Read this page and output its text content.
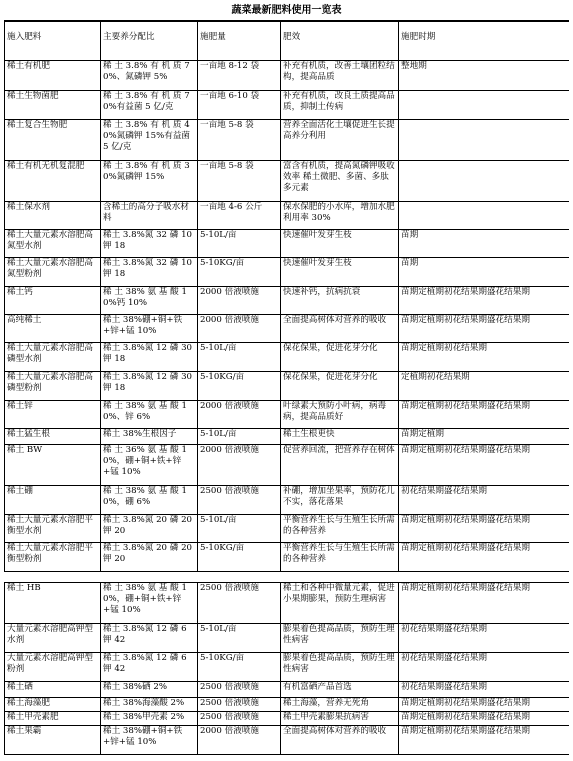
蔬菜最新肥料使用一览表
施入肥料	主要养分配比	施肥量	肥效	施肥时期
稀土有机肥	稀 土 3.8% 有 机 质 70%、氮磷钾 5%	一亩地 8-12 袋	补充有机质，改善土壤团粒结构，提高品质	整地期
稀土生物菌肥	稀 土 3.8% 有 机 质 70%有益菌 5 亿/克	一亩地 6-10 袋	补充有机质，改良土质提高品质，抑制土传病	
稀土复合生物肥	稀 土 3.8% 有 机 质 40%氮磷钾 15%有益菌 5 亿/克	一亩地 5-8 袋	营养全面活化土壤促进生长提高养分利用	
稀土有机无机复混肥	稀 土 3.8% 有 机 质 30%氮磷钾 15%	一亩地 5-8 袋	富含有机质，提高氮磷钾吸收效率 稀土微肥、多菌、多肽多元素	
稀土保水剂	含稀土的高分子吸水材料	一亩地 4-6 公斤	保水保肥的小水库，增加水肥利用率 30%	
稀土大量元素水溶肥高氮型水剂	稀土 3.8%氮 32 磷 10 钾 18	5-10L/亩	快速催叶发芽生枝	苗期
稀土大量元素水溶肥高氮型粉剂	稀土 3.8%氮 32 磷 10 钾 18	5-10KG/亩	快速催叶发芽生枝	苗期
稀土钙	稀 土 38% 氨 基 酸 10%钙 10%	2000 倍液喷施	快速补钙，抗病抗衰	苗期定植期初花结果期盛花结果期
高纯稀土	稀土 38%硼+铜+铁+锌+锰 10%	2000 倍液喷施	全面提高树体对营养的吸收	苗期定植期初花结果期盛花结果期
稀土大量元素水溶肥高磷型水剂	稀土 3.8%氮 12 磷 30 钾 18	5-10L/亩	保花保果，促进花芽分化	苗期定植期初花结果期
稀土大量元素水溶肥高磷型粉剂	稀土 3.8%氮 12 磷 30 钾 18	5-10KG/亩	保花保果，促进花芽分化	定植期初花结果期
稀土锌	稀 土 38% 氨 基 酸 10%、锌 6%	2000 倍液喷施	叶绿素大预防小叶病，病毒病，提高品质好	苗期定植期初花结果期盛花结果期
稀土猛生根	稀土 38%生根因子	5-10L/亩	稀土生根更快	苗期定植期
稀土 BW	稀 土 36% 氨 基 酸 10%，硼+铜+铁+锌+锰 10%	2000 倍液喷施	促营养回流，把营养存在树体	苗期定植期初花结果期盛花结果期
稀土硼	稀 土 38% 氨 基 酸 10%，硼 6%	2500 倍液喷施	补硼，增加坐果率，预防花儿不实，落花落果	初花结果期盛花结果期
稀土大量元素水溶肥平衡型水剂	稀土 3.8%氮 20 磷 20 钾 20	5-10L/亩	平衡营养生长与生殖生长所需的各种营养	苗期定植期初花结果期盛花结果期
稀土大量元素水溶肥平衡型粉剂	稀土 3.8%氮 20 磷 20 钾 20	5-10KG/亩	平衡营养生长与生殖生长所需的各种营养	苗期定植期初花结果期盛花结果期
稀土 HB	稀 土 38% 氨 基 酸 10%，硼+铜+铁+锌+锰 10%	2500 倍液喷施	稀土和各种中微量元素，促进小果期膨果，预防生理病害	苗期定植期初花结果期盛花结果期
大量元素水溶肥高钾型水剂	稀土 3.8%氮 12 磷 6 钾 42	5-10L/亩	膨果着色提高品质，预防生理性病害	初花结果期盛花结果期
大量元素水溶肥高钾型粉剂	稀土 3.8%氮 12 磷 6 钾 42	5-10KG/亩	膨果着色提高品质，预防生理性病害	初花结果期盛花结果期
稀土硒	稀土 38%硒 2%	2500 倍液喷施	有机富硒产品首选	初花结果期盛花结果期
稀土海藻肥	稀土 38%海藻酸 2%	2500 倍液喷施	稀土海藻，营养无死角	苗期定植期初花结果期盛花结果期
稀土甲壳素肥	稀土 38%甲壳素 2%	2500 倍液喷施	稀土甲壳素膨果抗病害	苗期定植期初花结果期盛花结果期
稀土果霸	稀土 38%硼+铜+铁+锌+锰 10%	2000 倍液喷施	全面提高树体对营养的吸收	苗期定植期初花结果期盛花结果期
